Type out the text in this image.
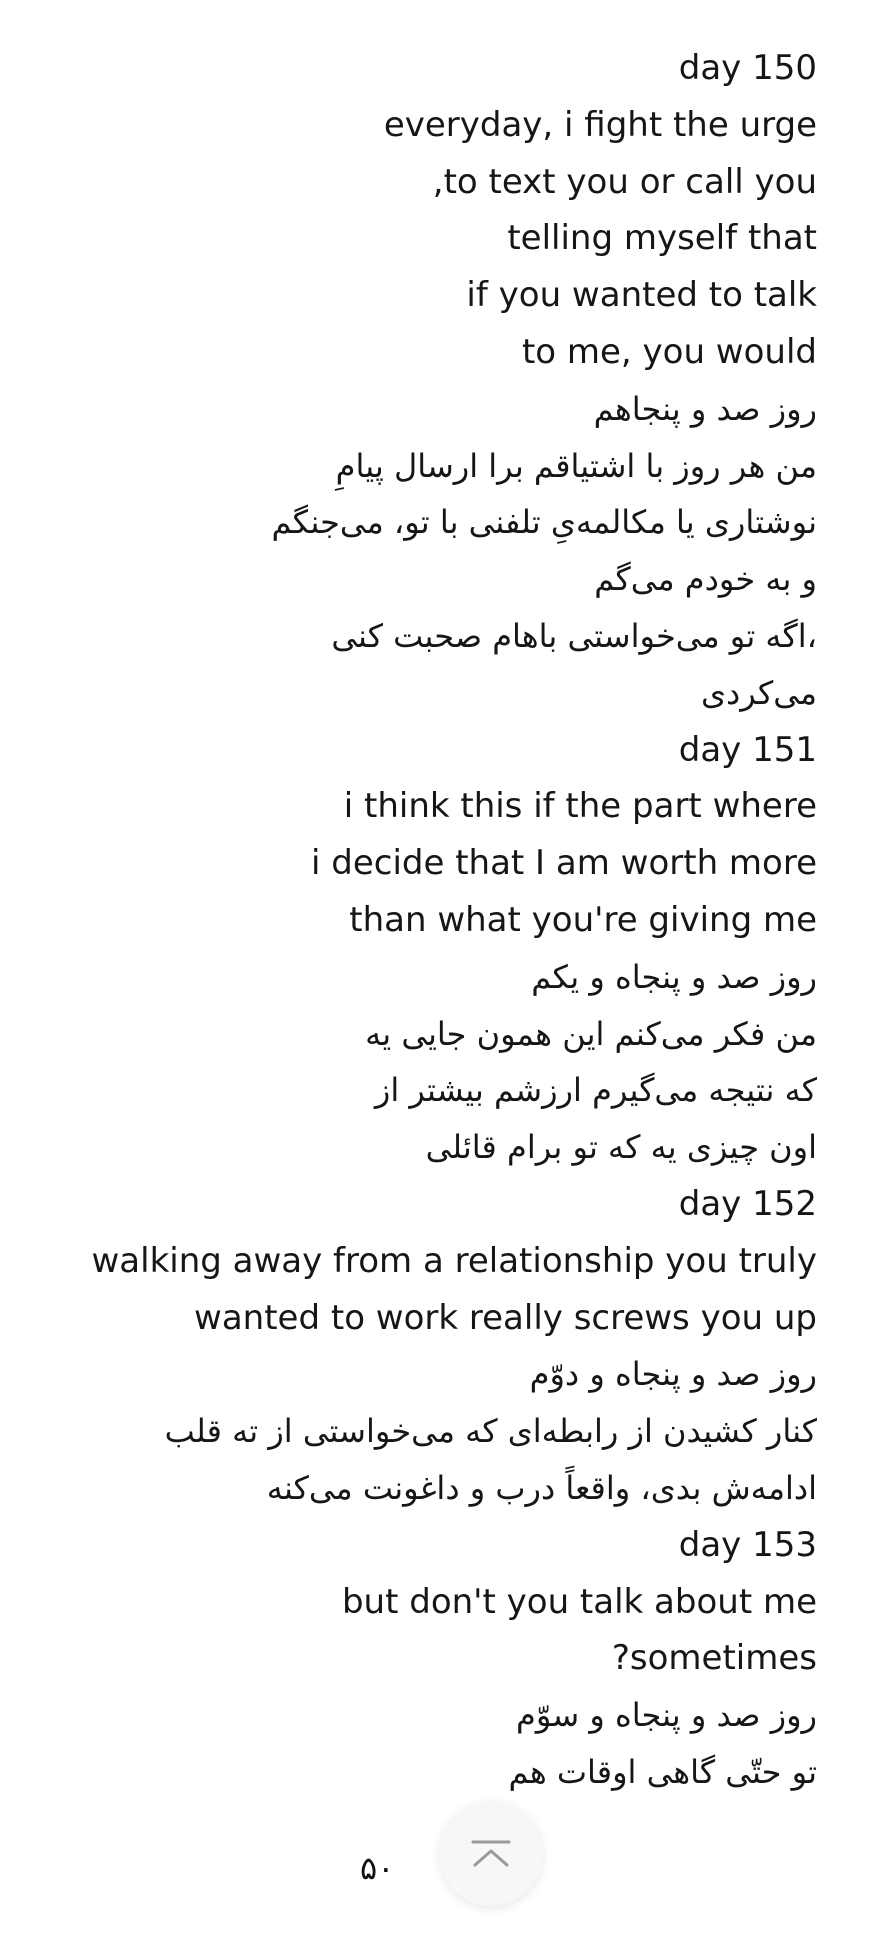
day 150
everyday, i fight the urge
,to text you or call you
telling myself that
if you wanted to talk
to me, you would
روز صد و پنجاهم
من هر روز با اشتیاقم برا ارسال پیامِ
نوشتاری یا مکالمه‌یِ تلفنی با تو، می‌جنگم
و به خودم می‌گم
اگه تو می‌خواستی باهام صحبت کنی،
می‌کردی
day 151
i think this if the part where
i decide that I am worth more
than what you're giving me
روز صد و پنجاه و یکم
من فکر می‌کنم این همون جایی یه
که نتیجه می‌گیرم ارزشم بیشتر از
اون چیزی یه که تو برام قائلی
day 152
walking away from a relationship you truly
wanted to work really screws you up
روز صد و پنجاه و دوّم
کنار کشیدن از رابطه‌ای که می‌خواستی از ته قلب
ادامه‌ش بدی، واقعاً درب و داغونت می‌کنه
day 153
but don't you talk about me
?sometimes
روز صد و پنجاه و سوّم
تو حتّی گاهی اوقات هم
۵۰
